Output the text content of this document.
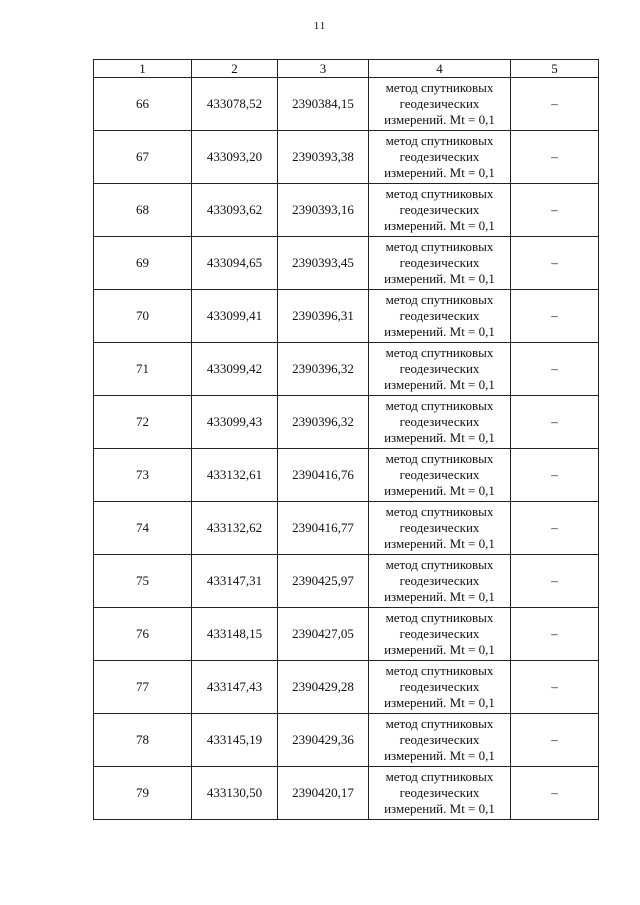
11
1	2	3	4	5
66	433078,52	2390384,15	метод спутниковых
геодезических
измерений. Mt = 0,1	–
67	433093,20	2390393,38	метод спутниковых
геодезических
измерений. Mt = 0,1	–
68	433093,62	2390393,16	метод спутниковых
геодезических
измерений. Mt = 0,1	–
69	433094,65	2390393,45	метод спутниковых
геодезических
измерений. Mt = 0,1	–
70	433099,41	2390396,31	метод спутниковых
геодезических
измерений. Mt = 0,1	–
71	433099,42	2390396,32	метод спутниковых
геодезических
измерений. Mt = 0,1	–
72	433099,43	2390396,32	метод спутниковых
геодезических
измерений. Mt = 0,1	–
73	433132,61	2390416,76	метод спутниковых
геодезических
измерений. Mt = 0,1	–
74	433132,62	2390416,77	метод спутниковых
геодезических
измерений. Mt = 0,1	–
75	433147,31	2390425,97	метод спутниковых
геодезических
измерений. Mt = 0,1	–
76	433148,15	2390427,05	метод спутниковых
геодезических
измерений. Mt = 0,1	–
77	433147,43	2390429,28	метод спутниковых
геодезических
измерений. Mt = 0,1	–
78	433145,19	2390429,36	метод спутниковых
геодезических
измерений. Mt = 0,1	–
79	433130,50	2390420,17	метод спутниковых
геодезических
измерений. Mt = 0,1	–
